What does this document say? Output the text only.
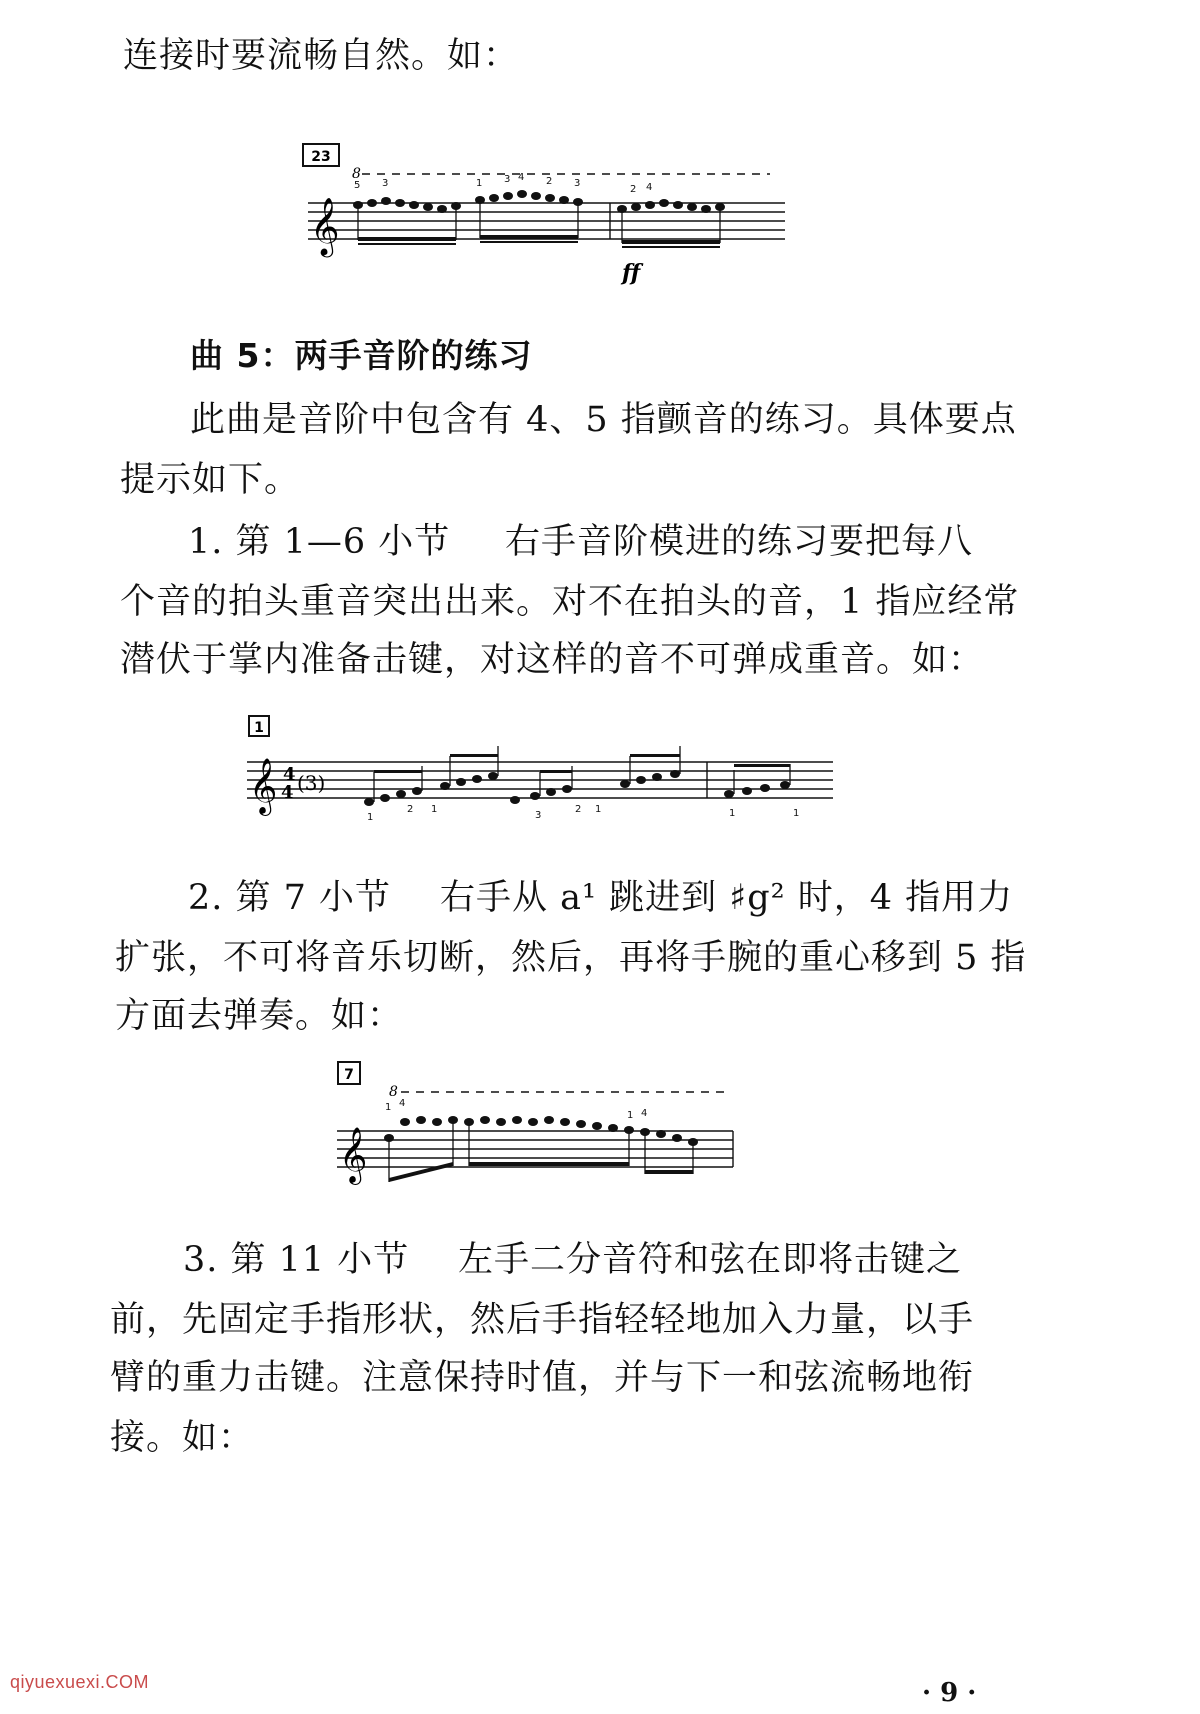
连接时要流畅自然。如：
23
8
𝄞
5 3	1 3 4 2 3
2 4
ff
曲 5：两手音阶的练习
此曲是音阶中包含有 4、5 指颤音的练习。具体要点
提示如下。
1. 第 1—6 小节 右手音阶模进的练习要把每八
个音的拍头重音突出出来。对不在拍头的音，1 指应经常
潜伏于掌内准备击键，对这样的音不可弹成重音。如：
1
𝄞 4
4 (3)
1
2 1
3
2 1	1	1
2. 第 7 小节 右手从 a¹ 跳进到 ♯g² 时，4 指用力
扩张，不可将音乐切断，然后，再将手腕的重心移到 5 指
方面去弹奏。如：
7
8
𝄞
1 4
1 4
3. 第 11 小节 左手二分音符和弦在即将击键之
前，先固定手指形状，然后手指轻轻地加入力量，以手
臂的重力击键。注意保持时值，并与下一和弦流畅地衔
接。如：
qiyuexuexi.COM	· 9 ·
